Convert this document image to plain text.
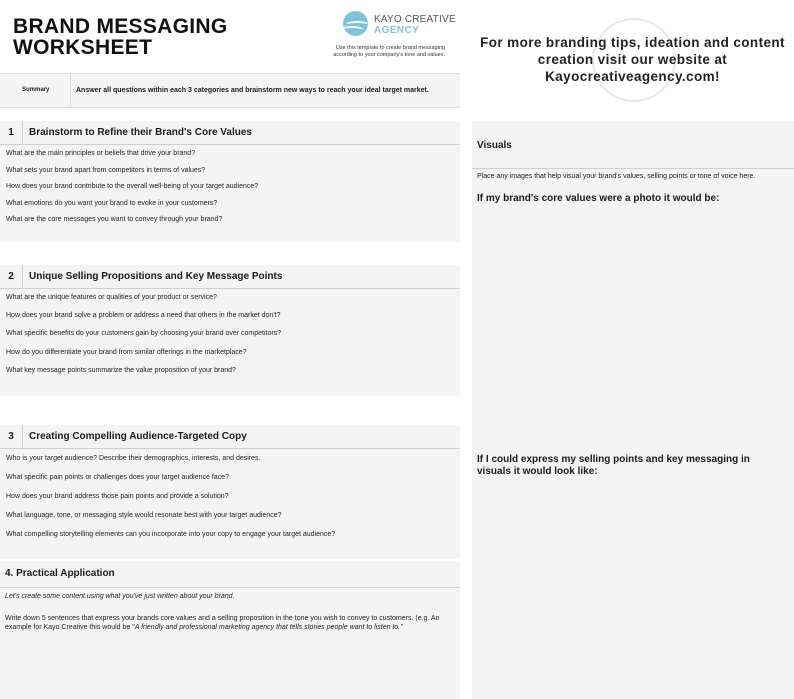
BRAND MESSAGING
WORKSHEET
KAYO CREATIVE
AGENCY
Use this template to create brand messaging according to your company's tone and values.
For more branding tips, ideation and content creation visit our website at Kayocreativeagency.com!
Summary	Answer all questions within each 3 categories and brainstorm new ways to reach your ideal target market.
1	Brainstorm to Refine their Brand's Core Values
What are the main principles or beliefs that drive your brand?
What sets your brand apart from competitors in terms of values?
How does your brand contribute to the overall well-being of your target audience?
What emotions do you want your brand to evoke in your customers?
What are the core messages you want to convey through your brand?
2	Unique Selling Propositions and Key Message Points
What are the unique features or qualities of your product or service?
How does your brand solve a problem or address a need that others in the market don't?
What specific benefits do your customers gain by choosing your brand over competitors?
How do you differentiate your brand from similar offerings in the marketplace?
What key message points summarize the value proposition of your brand?
3	Creating Compelling Audience-Targeted Copy
Who is your target audience? Describe their demographics, interests, and desires.
What specific pain points or challenges does your target audience face?
How does your brand address those pain points and provide a solution?
What language, tone, or messaging style would resonate best with your target audience?
What compelling storytelling elements can you incorporate into your copy to engage your target audience?
4. Practical Application
Let's create some content using what you've just written about your brand.
Write down 5 sentences that express your brands core values and a selling proposition in the tone you wish to convey to customers. (e.g. An example for Kayo Creative this would be "A friendly and professional marketing agency that tells stories people want to listen to."
Visuals
Place any images that help visual your brand's values, selling points or tone of voice here.
If my brand's core values were a photo it would be:
If I could express my selling points and key messaging in visuals it would look like:
